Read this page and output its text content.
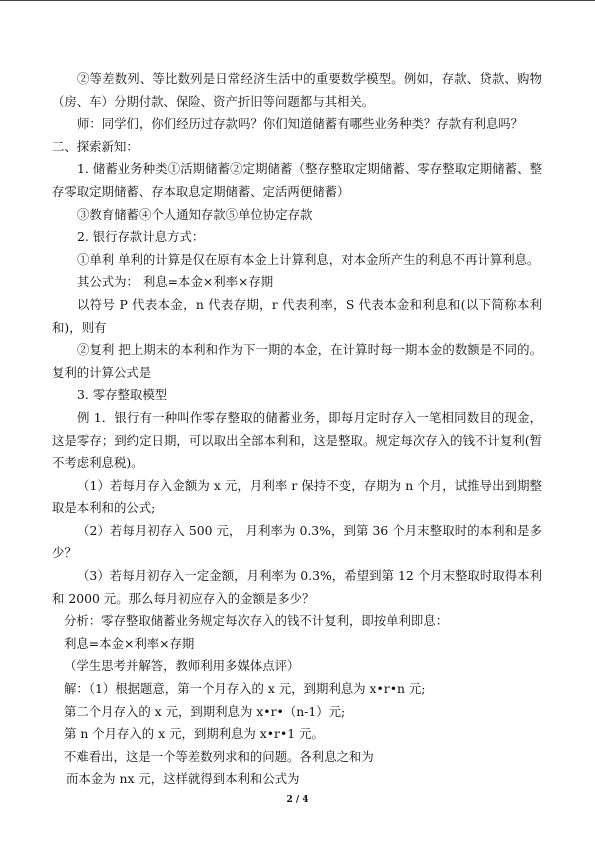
②等差数列、等比数列是日常经济生活中的重要数学模型。例如，存款、贷款、购物（房、车）分期付款、保险、资产折旧等问题都与其相关。

师：同学们，你们经历过存款吗？你们知道储蓄有哪些业务种类？存款有利息吗？

二、探索新知：

1. 储蓄业务种类①活期储蓄②定期储蓄（整存整取定期储蓄、零存整取定期储蓄、整存零取定期储蓄、存本取息定期储蓄、定活两便储蓄）

③教育储蓄④个人通知存款⑤单位协定存款

2. 银行存款计息方式：

①单利 单利的计算是仅在原有本金上计算利息，对本金所产生的利息不再计算利息。

其公式为： 利息=本金×利率×存期

以符号 P 代表本金，n 代表存期，r 代表利率，S 代表本金和利息和(以下简称本利和)，则有

②复利 把上期末的本利和作为下一期的本金，在计算时每一期本金的数额是不同的。复利的计算公式是

3. 零存整取模型

例 1．银行有一种叫作零存整取的储蓄业务，即每月定时存入一笔相同数目的现金，这是零存；到约定日期，可以取出全部本利和，这是整取。规定每次存入的钱不计复利(暂不考虑利息税)。

（1）若每月存入金额为 x 元，月利率 r 保持不变，存期为 n 个月，试推导出到期整取是本利和的公式;

（2）若每月初存入 500 元， 月利率为 0.3%，到第 36 个月末整取时的本利和是多少？

（3）若每月初存入一定金额，月利率为 0.3%，希望到第 12 个月末整取时取得本利和 2000 元。那么每月初应存入的金额是多少？

分析：零存整取储蓄业务规定每次存入的钱不计复利，即按单利即息：

利息=本金×利率×存期

（学生思考并解答，教师利用多媒体点评）

解：（1）根据题意，第一个月存入的 x 元，到期利息为 x•r•n 元;

第二个月存入的 x 元，到期利息为 x•r•（n-1）元;

第 n 个月存入的 x 元，到期利息为 x•r•1 元。

不难看出，这是一个等差数列求和的问题。各利息之和为

而本金为 nx 元，这样就得到本利和公式为

2 / 4
